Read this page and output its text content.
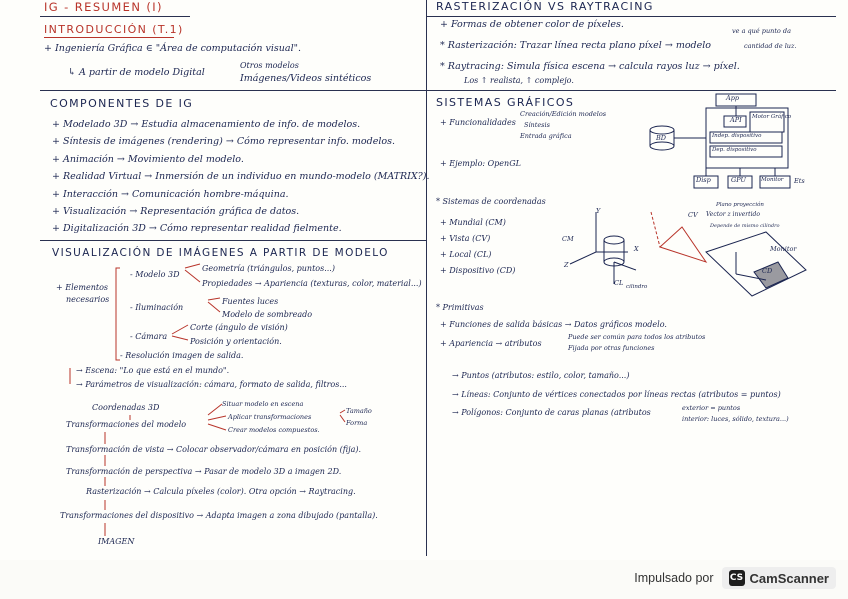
IG - RESUMEN (I)
INTRODUCCIÓN (T.1)
+ Ingeniería Gráfica ∈ "Área de computación visual".
↳ A partir de modelo Digital
Otros modelos
Imágenes/Videos sintéticos
COMPONENTES DE IG
+ Modelado 3D → Estudia almacenamiento de info. de modelos.
+ Síntesis de imágenes (rendering) → Cómo representar info. modelos.
+ Animación → Movimiento del modelo.
+ Realidad Virtual → Inmersión de un individuo en mundo-modelo (MATRIX?).
+ Interacción → Comunicación hombre-máquina.
+ Visualización → Representación gráfica de datos.
+ Digitalización 3D → Cómo representar realidad fielmente.
VISUALIZACIÓN DE IMÁGENES A PARTIR DE MODELO
+ Elementos
necesarios
- Modelo 3D
Geometría (triángulos, puntos...)
Propiedades → Apariencia (texturas, color, material...)
- Iluminación
Fuentes luces
Modelo de sombreado
Corte (ángulo de visión)
- Cámara
Posición y orientación.
- Resolución imagen de salida.
→ Escena: "Lo que está en el mundo".
→ Parámetros de visualización: cámara, formato de salida, filtros...
Coordenadas 3D
Transformaciones del modelo
Situar modelo en escena
Aplicar transformaciones
Tamaño
Forma
Crear modelos compuestos.
Transformación de vista → Colocar observador/cámara en posición (fija).
Transformación de perspectiva → Pasar de modelo 3D a imagen 2D.
Rasterización → Calcula píxeles (color). Otra opción → Raytracing.
Transformaciones del dispositivo → Adapta imagen a zona dibujado (pantalla).
IMAGEN
RASTERIZACIÓN VS RAYTRACING
+ Formas de obtener color de píxeles.
* Rasterización: Trazar línea recta plano píxel → modelo
ve a qué punto da
cantidad de luz.
* Raytracing: Simula física escena → calcula rayos luz → píxel.
Los ↑ realista, ↑ complejo.
SISTEMAS GRÁFICOS
+ Funcionalidades
Creación/Edición modelos
Síntesis
Entrada gráfica
+ Ejemplo: OpenGL
App
API Motor Gráfico
BD	Indep. dispositivo
Dep. dispositivo
Disp	GPU	Monitor Ets
* Sistemas de coordenadas
+ Mundial (CM)
+ Vista (CV)
+ Local (CL)
+ Dispositivo (CD)
CM
CL cilindro
CV Vector z invertido
Depende de mismo cilindro
Plano proyección
Monitor
CD
Y
X
Z
* Primitivas
+ Funciones de salida básicas → Datos gráficos modelo.
+ Apariencia → atributos
Puede ser común para todos los atributos
Fijada por otras funciones
→ Puntos (atributos: estilo, color, tamaño...)
→ Líneas: Conjunto de vértices conectados por líneas rectas (atributos = puntos)
→ Polígonos: Conjunto de caras planas (atributos	exterior = puntos
interior: luces, sólido, textura...)
Impulsado por CS CamScanner
